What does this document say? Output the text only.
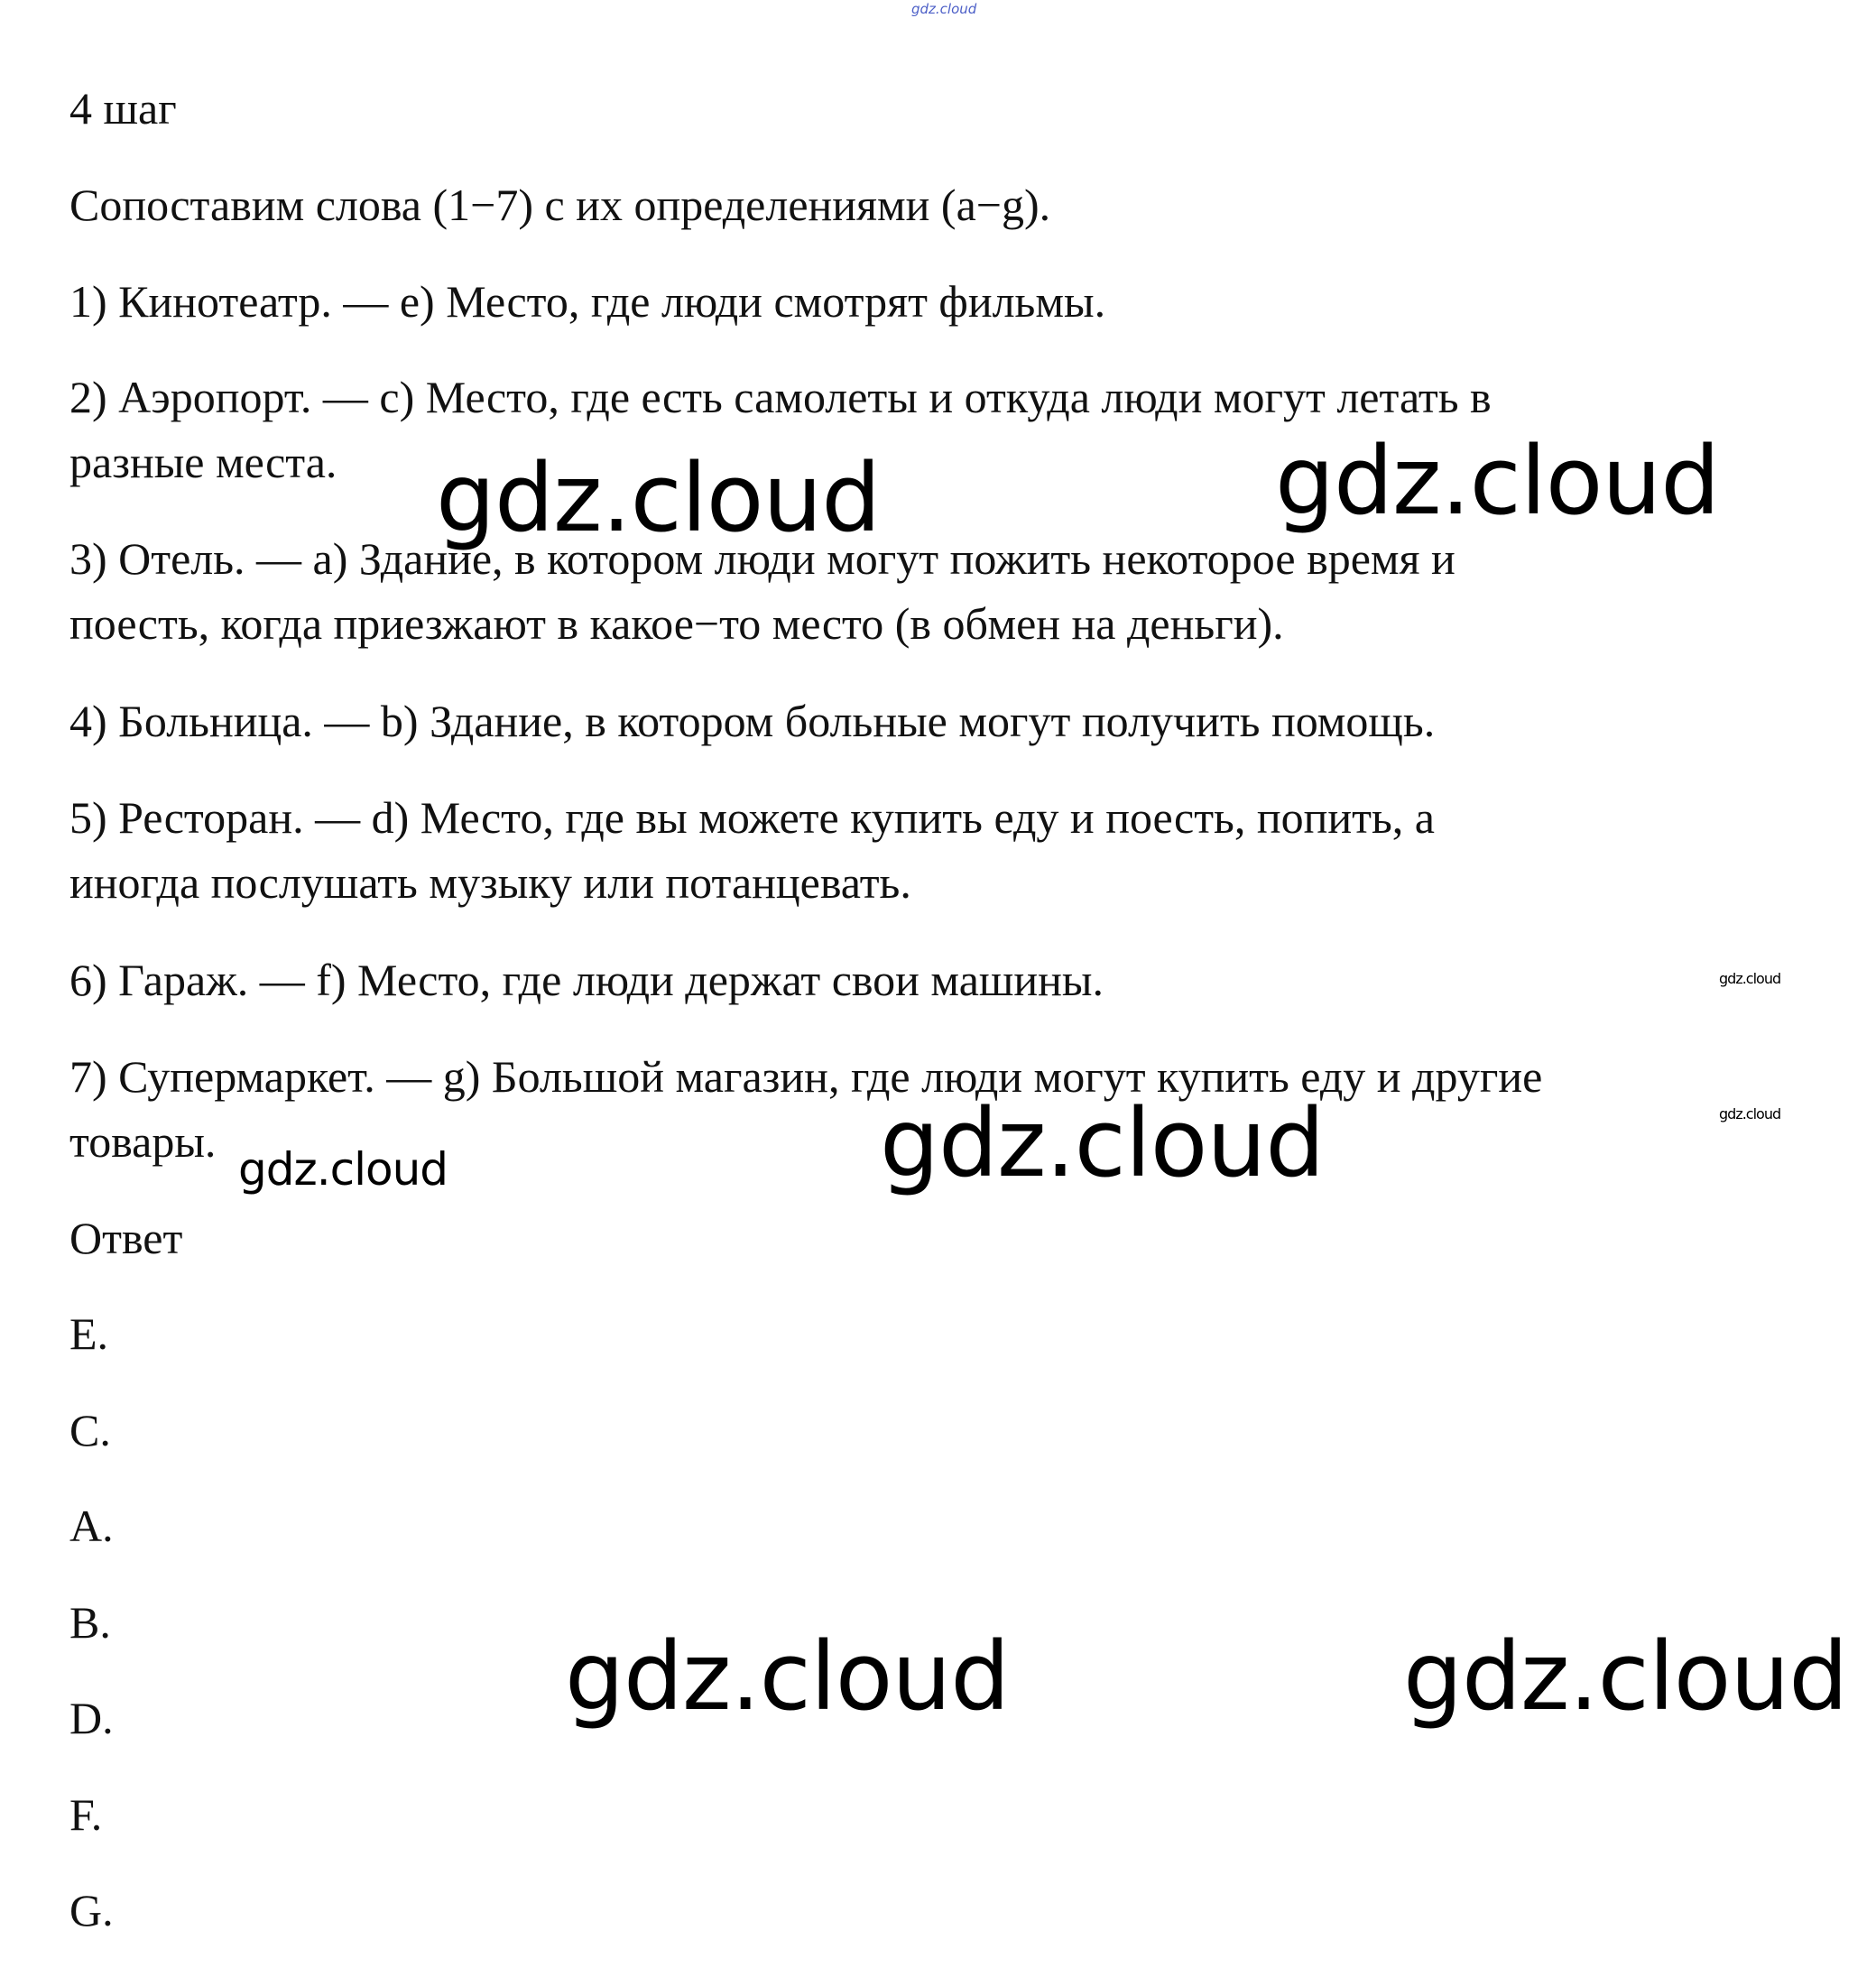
gdz.cloud
4 шаг
Сопоставим слова (1−7) с их определениями (a−g).
1) Кинотеатр. — e) Место, где люди смотрят фильмы.
2) Аэропорт. — c) Место, где есть самолеты и откуда люди могут летать в
разные места.
3) Отель. — a) Здание, в котором люди могут пожить некоторое время и
поесть, когда приезжают в какое−то место (в обмен на деньги).
4) Больница. — b) Здание, в котором больные могут получить помощь.
5) Ресторан. — d) Место, где вы можете купить еду и поесть, попить, а
иногда послушать музыку или потанцевать.
6) Гараж. — f) Место, где люди держат свои машины.
7) Супермаркет. — g) Большой магазин, где люди могут купить еду и другие
товары.
Ответ
E.
C.
A.
B.
D.
F.
G.
gdz.cloud	gdz.cloud
gdz.cloud
gdz.cloud	gdz.cloud
gdz.cloud
gdz.cloud
gdz.cloud
